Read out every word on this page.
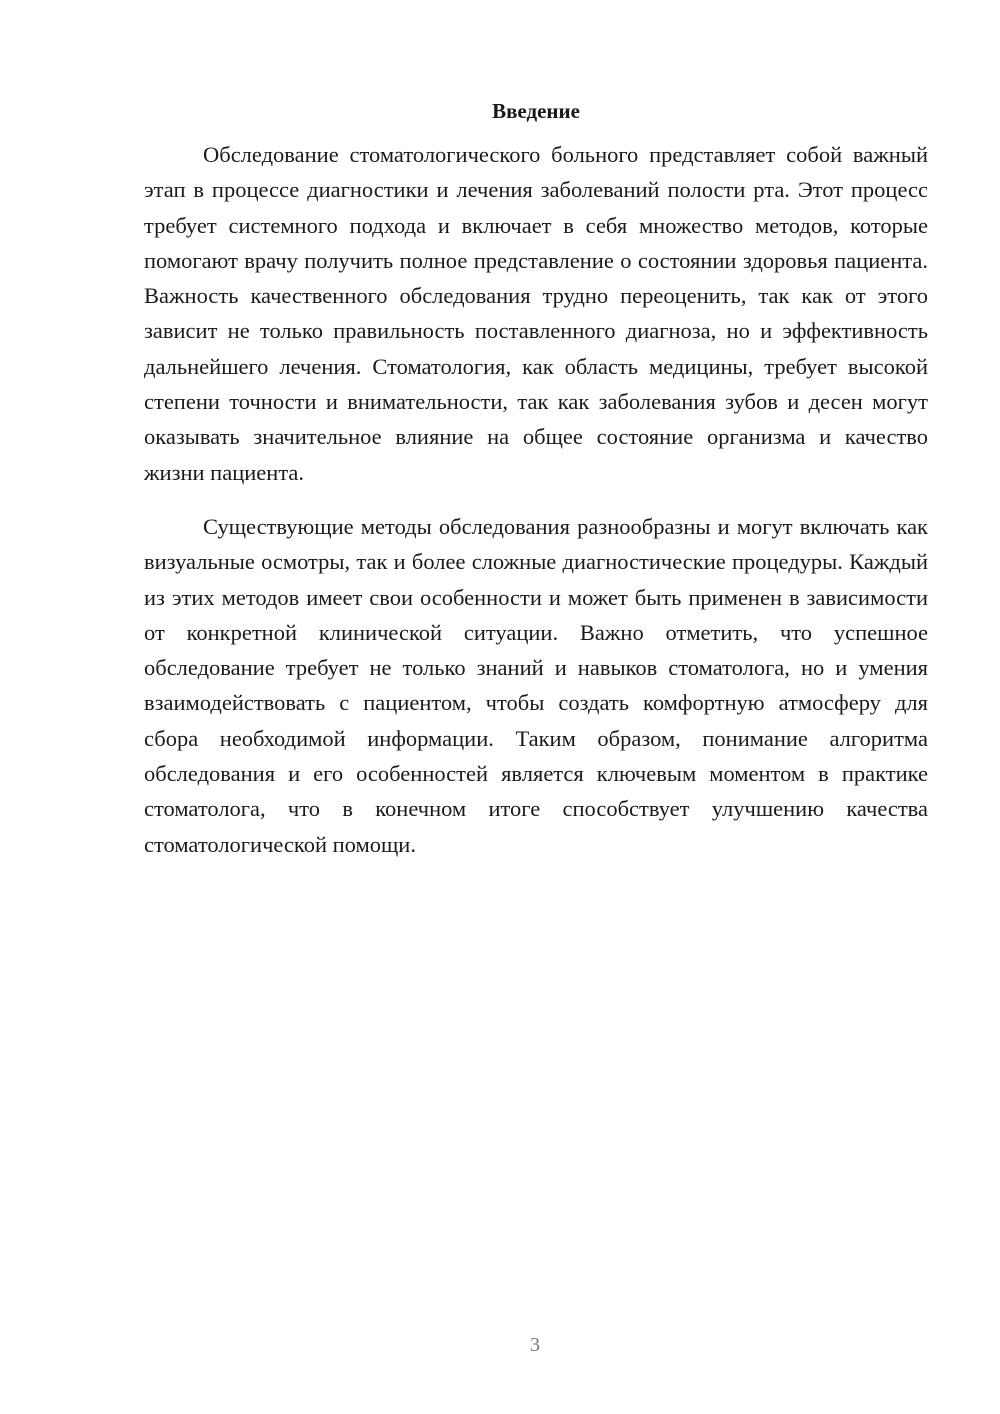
Введение

Обследование стоматологического больного представляет собой важный этап в процессе диагностики и лечения заболеваний полости рта. Этот процесс требует системного подхода и включает в себя множество методов, которые помогают врачу получить полное представление о состоянии здоровья пациента. Важность качественного обследования трудно переоценить, так как от этого зависит не только правильность поставленного диагноза, но и эффективность дальнейшего лечения. Стоматология, как область медицины, требует высокой степени точности и внимательности, так как заболевания зубов и десен могут оказывать значительное влияние на общее состояние организма и качество жизни пациента.

Существующие методы обследования разнообразны и могут включать как визуальные осмотры, так и более сложные диагностические процедуры. Каждый из этих методов имеет свои особенности и может быть применен в зависимости от конкретной клинической ситуации. Важно отметить, что успешное обследование требует не только знаний и навыков стоматолога, но и умения взаимодействовать с пациентом, чтобы создать комфортную атмосферу для сбора необходимой информации. Таким образом, понимание алгоритма обследования и его особенностей является ключевым моментом в практике стоматолога, что в конечном итоге способствует улучшению качества стоматологической помощи.

3
